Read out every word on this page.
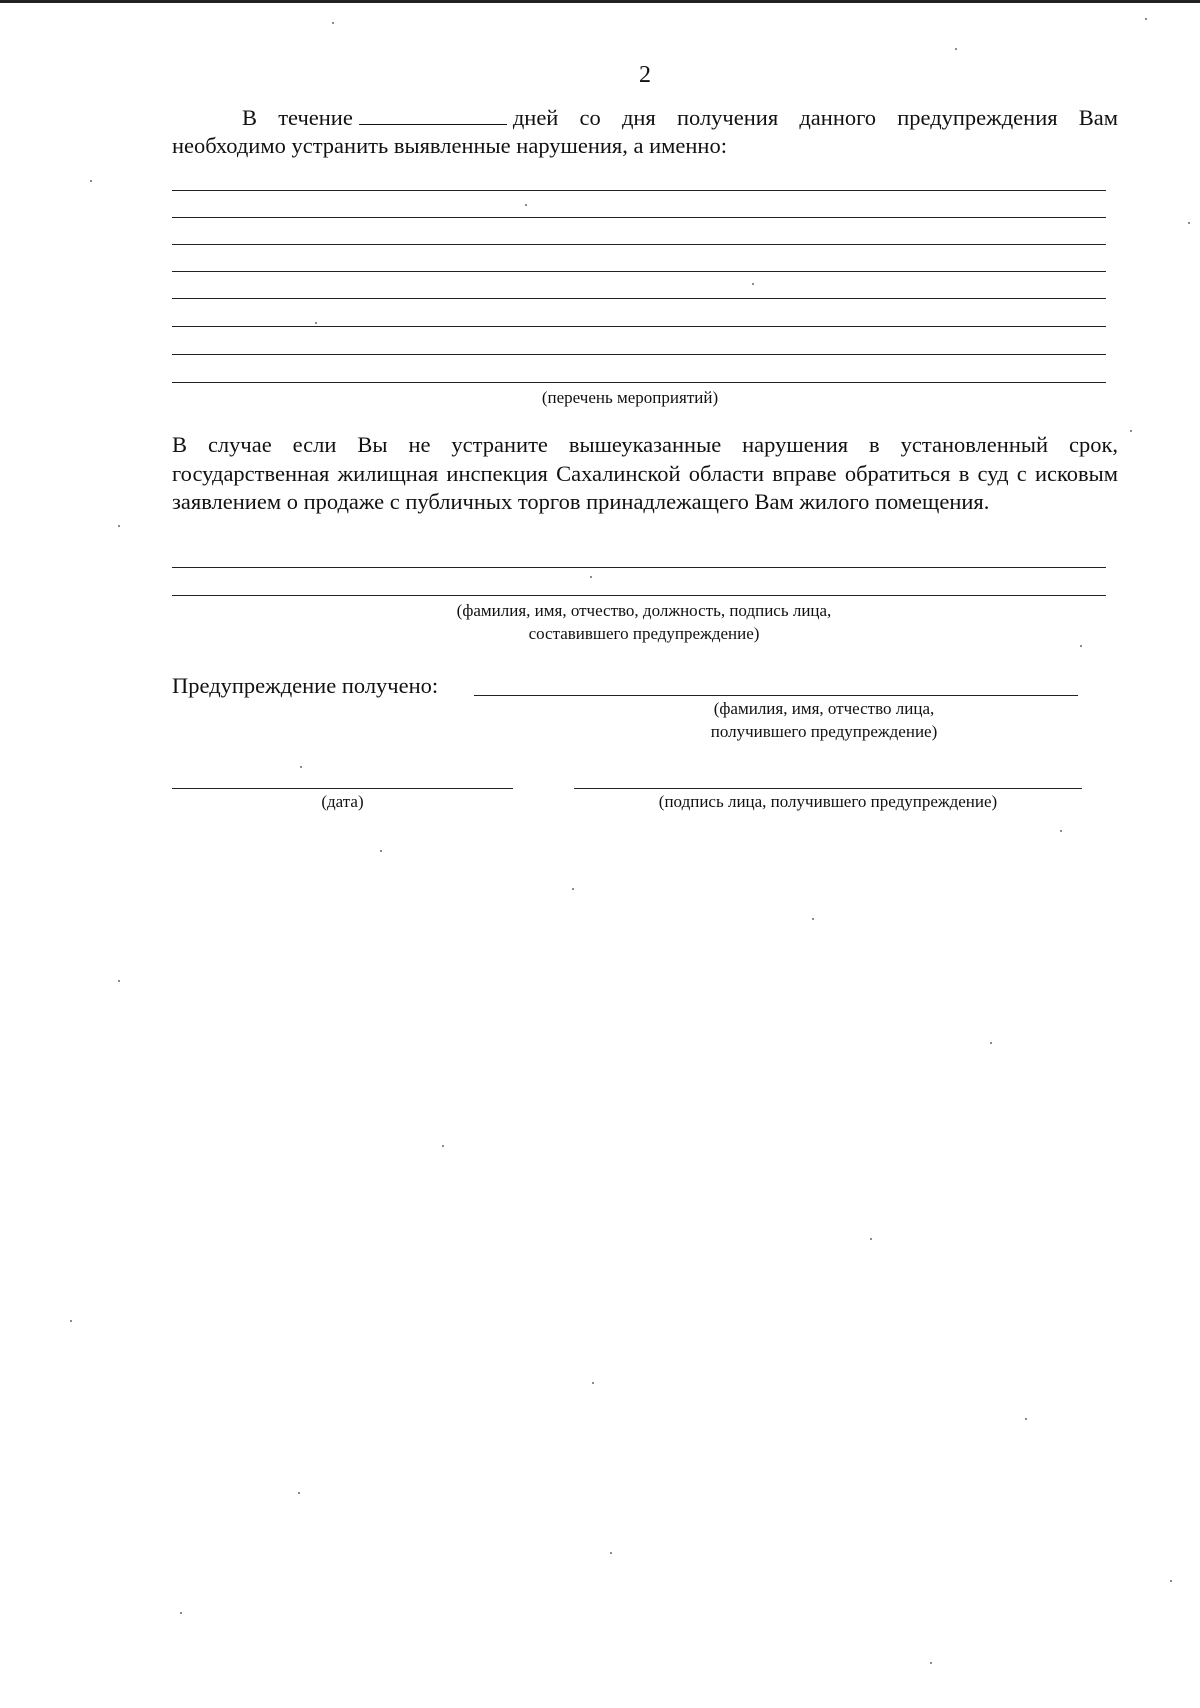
2

В течение	дней со дня получения данного предупреждения Вам необходимо устранить выявленные нарушения, а именно:

(перечень мероприятий)

В случае если Вы не устраните вышеуказанные нарушения в установленный срок, государственная жилищная инспекция Сахалинской области вправе обратиться в суд с исковым заявлением о продаже с публичных торгов принадлежащего Вам жилого помещения.

(фамилия, имя, отчество, должность, подпись лица,
составившего предупреждение)
Предупреждение получено:
(фамилия, имя, отчество лица,
получившего предупреждение)
(дата)	(подпись лица, получившего предупреждение)
